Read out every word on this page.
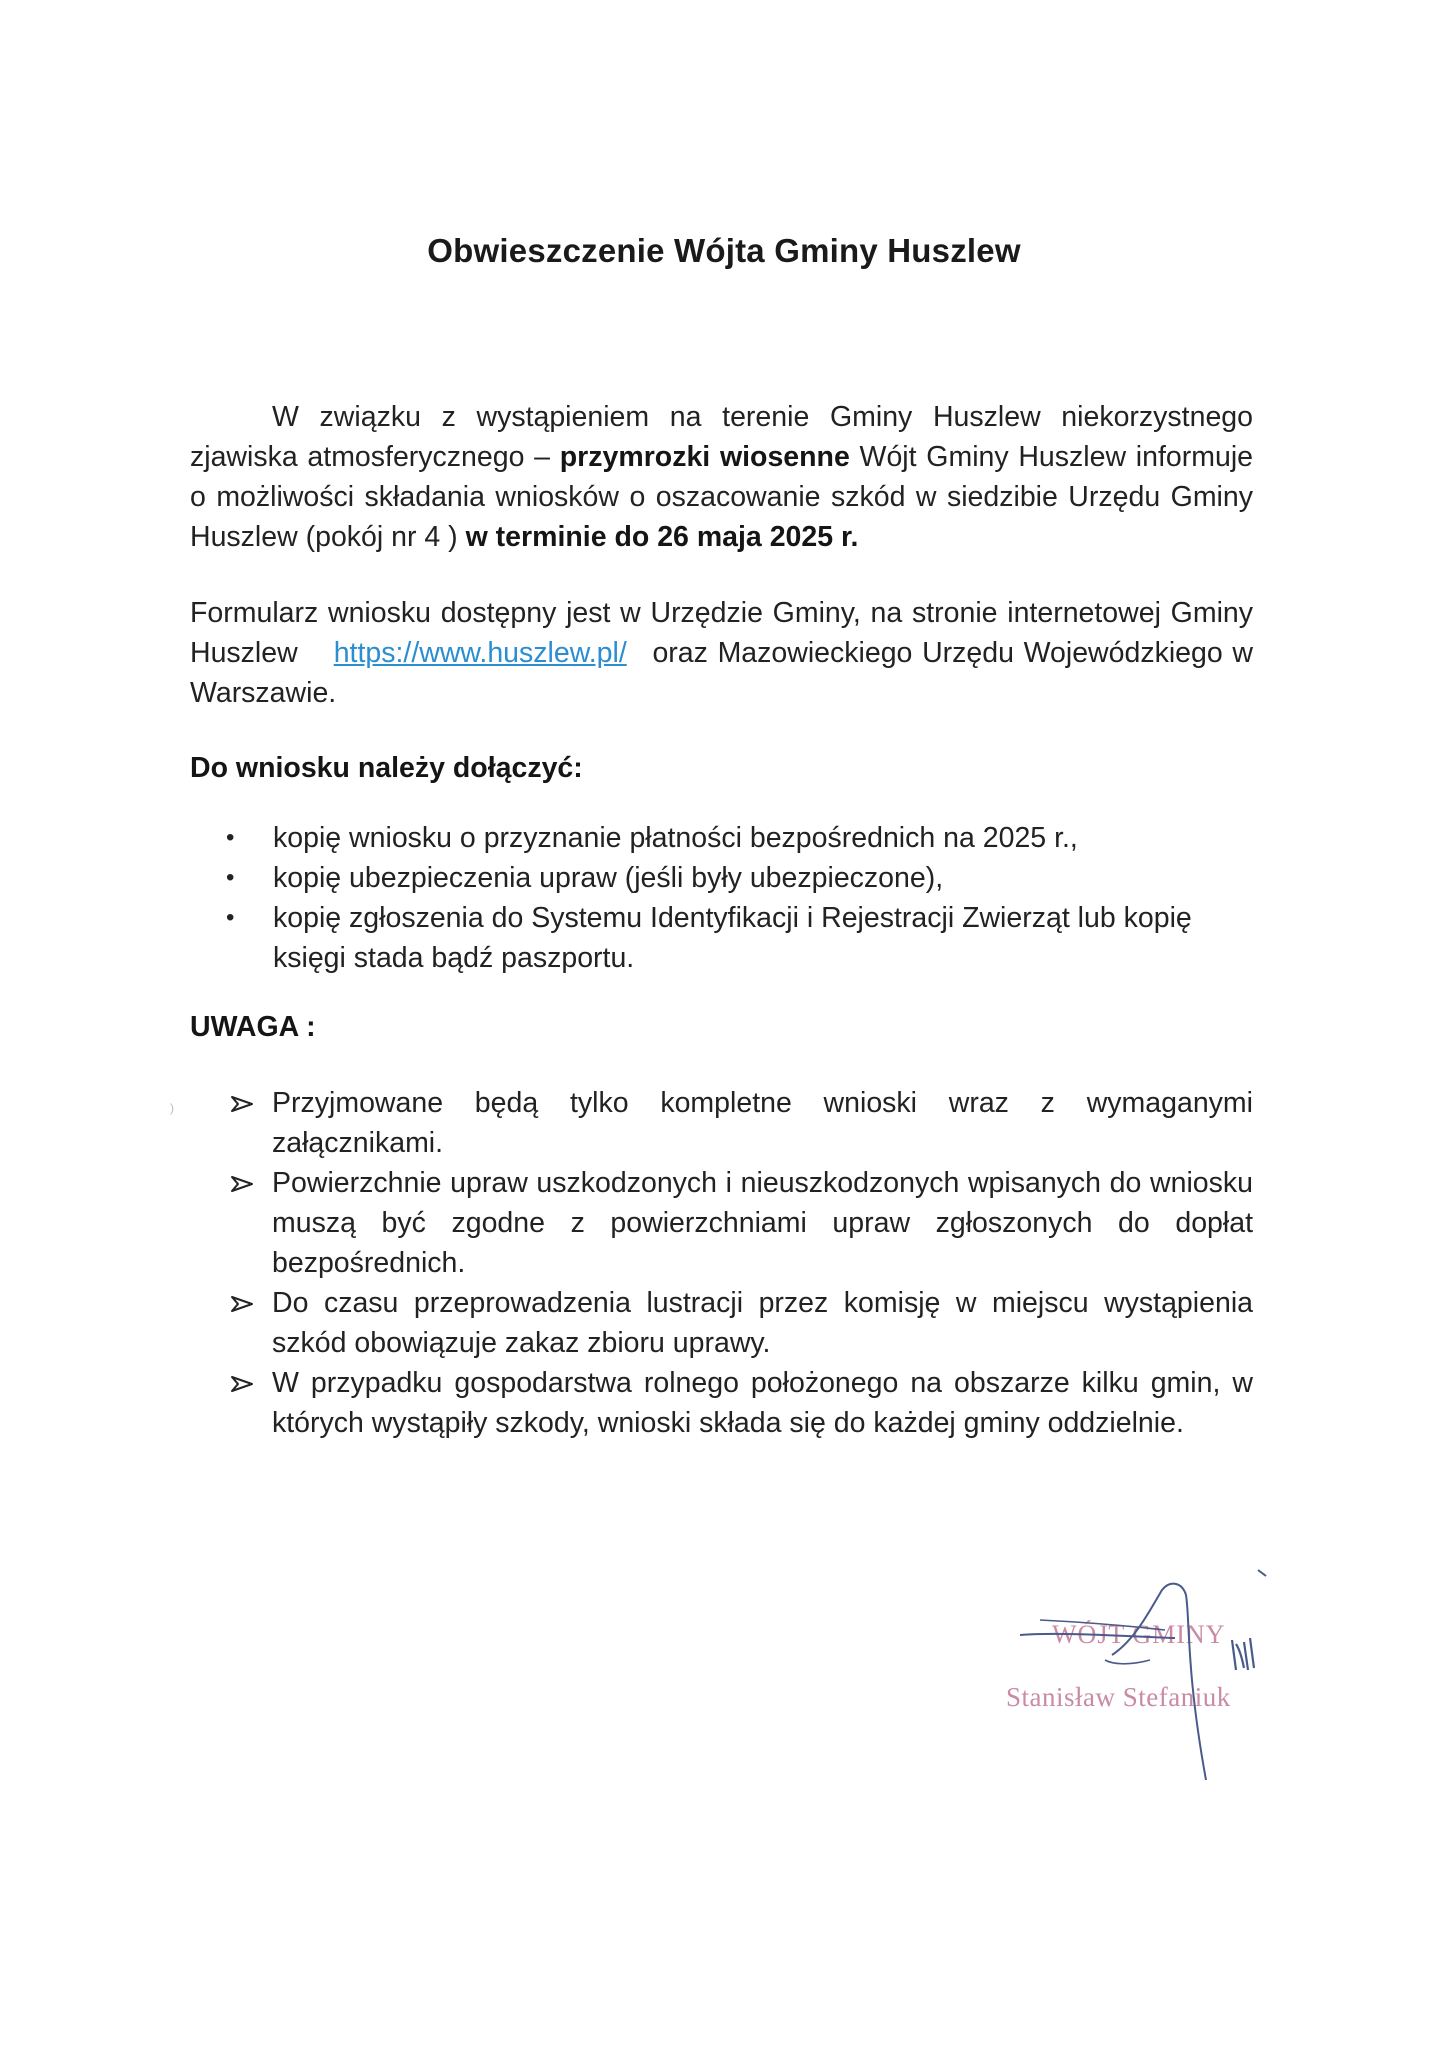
Obwieszczenie Wójta Gminy Huszlew
W związku z wystąpieniem na terenie Gminy Huszlew niekorzystnego zjawiska atmosferycznego – przymrozki wiosenne Wójt Gminy Huszlew informuje o możliwości składania wniosków o oszacowanie szkód w siedzibie Urzędu Gminy Huszlew (pokój nr 4 ) w terminie do 26 maja 2025 r.
Formularz wniosku dostępny jest w Urzędzie Gminy, na stronie internetowej Gminy Huszlew https://www.huszlew.pl/ oraz Mazowieckiego Urzędu Wojewódzkiego w Warszawie.
Do wniosku należy dołączyć:
• kopię wniosku o przyznanie płatności bezpośrednich na 2025 r.,
• kopię ubezpieczenia upraw (jeśli były ubezpieczone),
• kopię zgłoszenia do Systemu Identyfikacji i Rejestracji Zwierząt lub kopię księgi stada bądź paszportu.
UWAGA :
)	Przyjmowane będą tylko kompletne wnioski wraz z wymaganymi załącznikami.
Powierzchnie upraw uszkodzonych i nieuszkodzonych wpisanych do wniosku muszą być zgodne z powierzchniami upraw zgłoszonych do dopłat bezpośrednich.
Do czasu przeprowadzenia lustracji przez komisję w miejscu wystąpienia szkód obowiązuje zakaz zbioru uprawy.
W przypadku gospodarstwa rolnego położonego na obszarze kilku gmin, w których wystąpiły szkody, wnioski składa się do każdej gminy oddzielnie.
WÓJT GMINY
Stanisław Stefaniuk
